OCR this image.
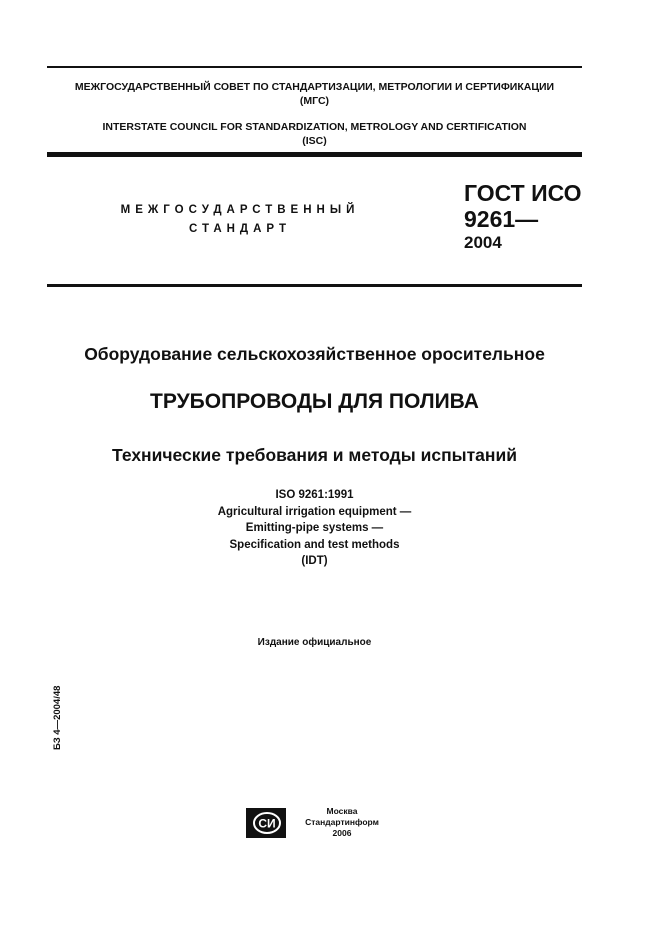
МЕЖГОСУДАРСТВЕННЫЙ СОВЕТ ПО СТАНДАРТИЗАЦИИ, МЕТРОЛОГИИ И СЕРТИФИКАЦИИ
(МГС)
INTERSTATE COUNCIL FOR STANDARDIZATION, METROLOGY AND CERTIFICATION
(ISC)
МЕЖГОСУДАРСТВЕННЫЙ
СТАНДАРТ
ГОСТ ИСО
9261—
2004
Оборудование сельскохозяйственное оросительное
ТРУБОПРОВОДЫ ДЛЯ ПОЛИВА
Технические требования и методы испытаний
ISO 9261:1991
Agricultural irrigation equipment —
Emitting-pipe systems —
Specification and test methods
(IDT)
Издание официальное
БЗ 4—2004/48
СИ
Москва
Стандартинформ
2006
